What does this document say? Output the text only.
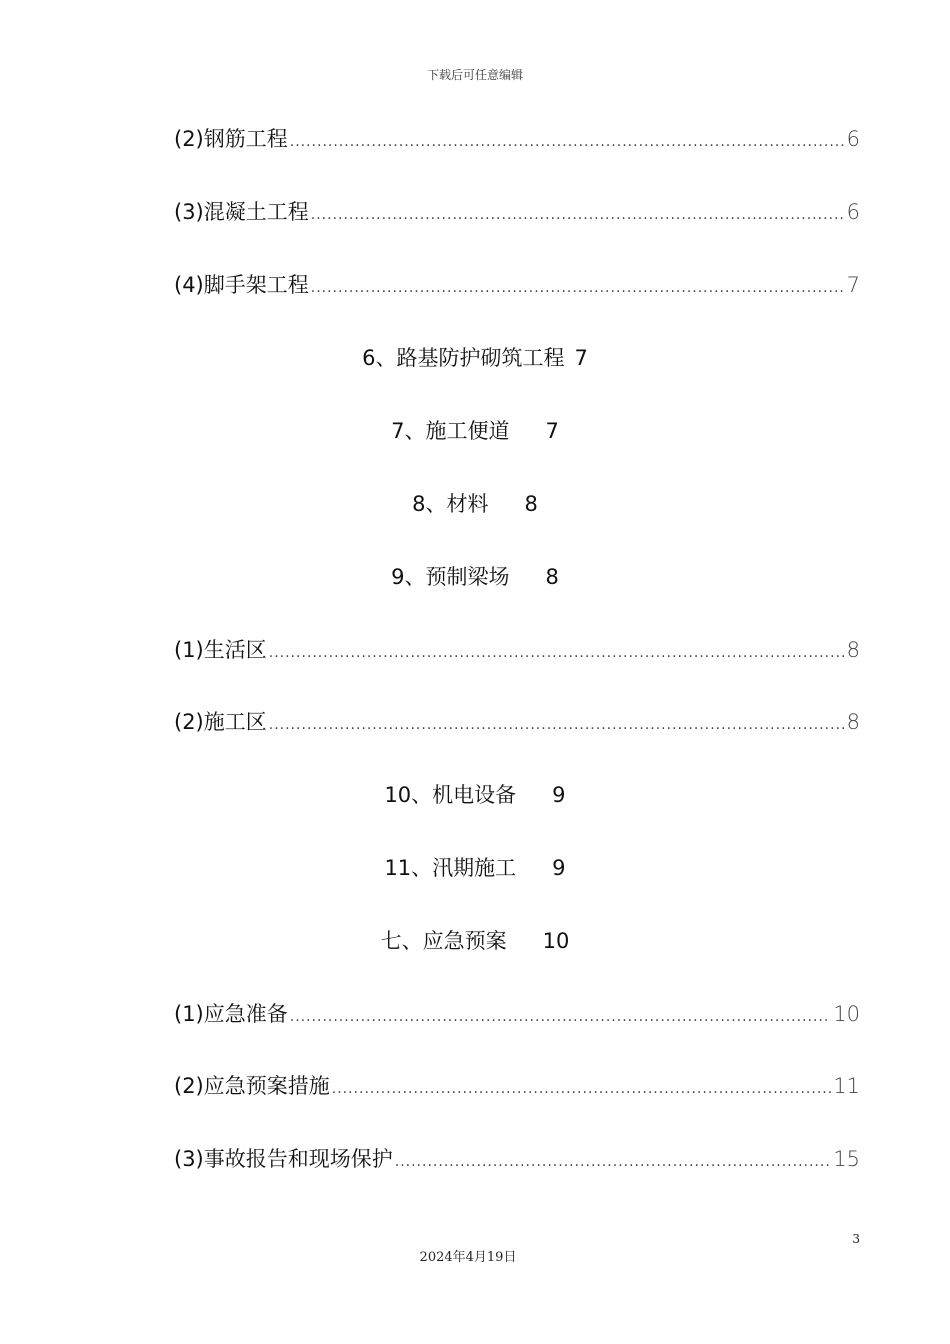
下载后可任意编辑
(2) 钢筋工程 .....	6
(3) 混凝土工程 .....	6
(4) 脚手架工程 .....	7
6、路基防护砌筑工程 7
7、施工便道 7
8、材料 8
9、预制梁场 8
(1) 生活区 .....	8
(2) 施工区 .....	8
10、机电设备 9
11、汛期施工 9
七、应急预案 10
(1) 应急准备 .....	10
(2) 应急预案措施 .....	11
(3) 事故报告和现场保护 .....	15
3
2024年4月19日
